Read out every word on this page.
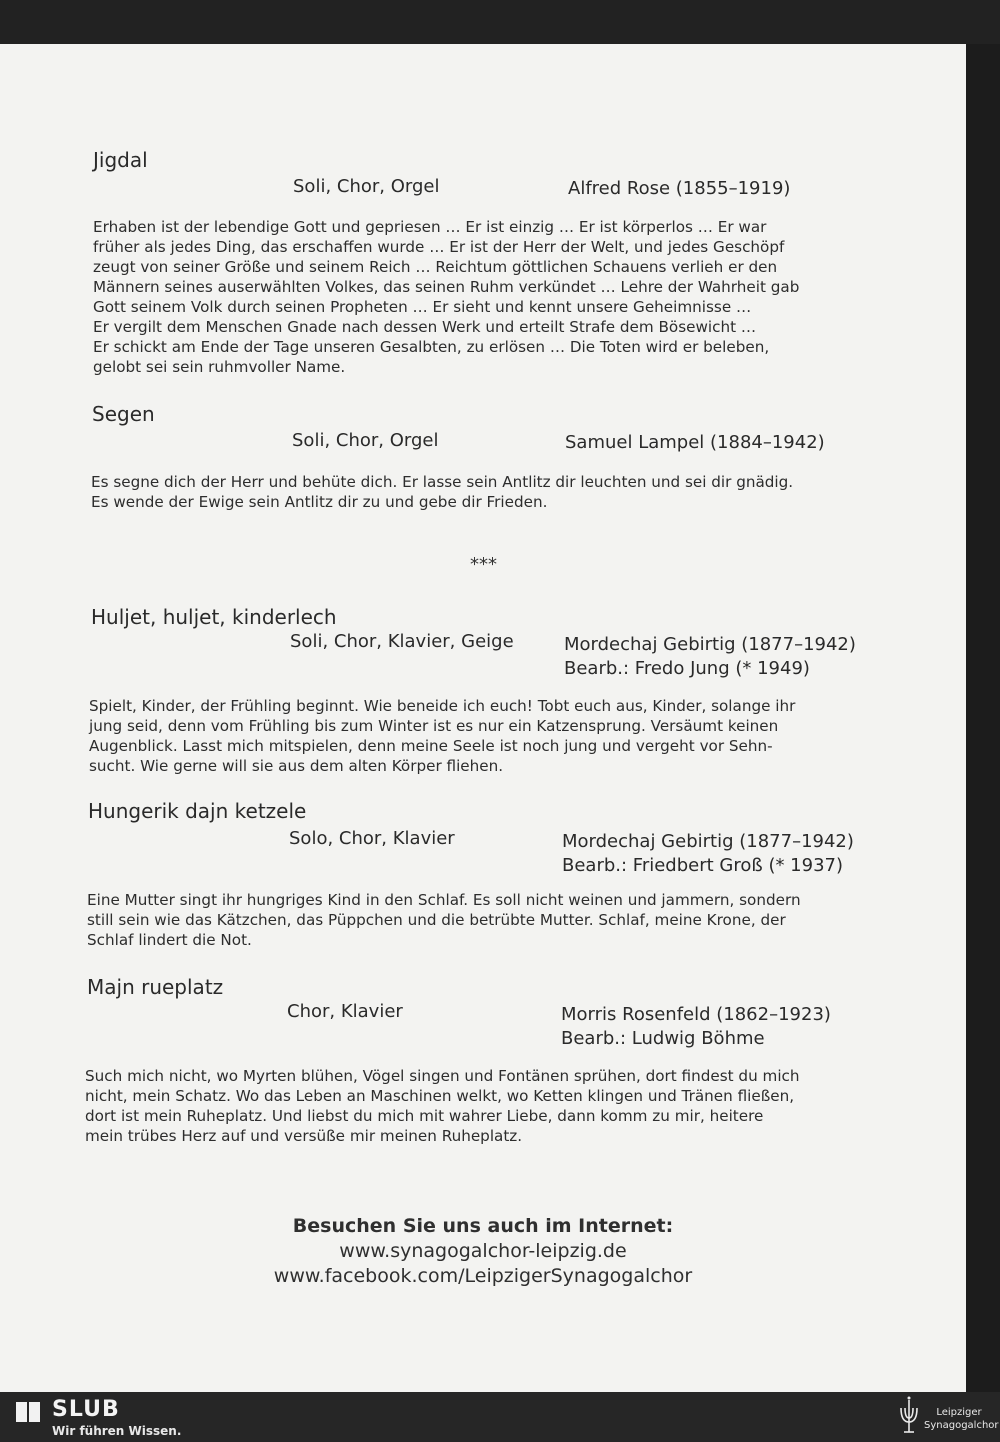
Jigdal
Soli, Chor, Orgel	Alfred Rose (1855–1919)
Erhaben ist der lebendige Gott und gepriesen … Er ist einzig … Er ist körperlos … Er war
früher als jedes Ding, das erschaffen wurde … Er ist der Herr der Welt, und jedes Geschöpf
zeugt von seiner Größe und seinem Reich … Reichtum göttlichen Schauens verlieh er den
Männern seines auserwählten Volkes, das seinen Ruhm verkündet … Lehre der Wahrheit gab
Gott seinem Volk durch seinen Propheten … Er sieht und kennt unsere Geheimnisse …
Er vergilt dem Menschen Gnade nach dessen Werk und erteilt Strafe dem Bösewicht …
Er schickt am Ende der Tage unseren Gesalbten, zu erlösen … Die Toten wird er beleben,
gelobt sei sein ruhmvoller Name.
Segen
Soli, Chor, Orgel	Samuel Lampel (1884–1942)
Es segne dich der Herr und behüte dich. Er lasse sein Antlitz dir leuchten und sei dir gnädig.
Es wende der Ewige sein Antlitz dir zu und gebe dir Frieden.
***
Huljet, huljet, kinderlech
Soli, Chor, Klavier, Geige	Mordechaj Gebirtig (1877–1942)
Bearb.: Fredo Jung (* 1949)
Spielt, Kinder, der Frühling beginnt. Wie beneide ich euch! Tobt euch aus, Kinder, solange ihr
jung seid, denn vom Frühling bis zum Winter ist es nur ein Katzensprung. Versäumt keinen
Augenblick. Lasst mich mitspielen, denn meine Seele ist noch jung und vergeht vor Sehn-
sucht. Wie gerne will sie aus dem alten Körper fliehen.
Hungerik dajn ketzele
Solo, Chor, Klavier	Mordechaj Gebirtig (1877–1942)
Bearb.: Friedbert Groß (* 1937)
Eine Mutter singt ihr hungriges Kind in den Schlaf. Es soll nicht weinen und jammern, sondern
still sein wie das Kätzchen, das Püppchen und die betrübte Mutter. Schlaf, meine Krone, der
Schlaf lindert die Not.
Majn rueplatz
Chor, Klavier	Morris Rosenfeld (1862–1923)
Bearb.: Ludwig Böhme
Such mich nicht, wo Myrten blühen, Vögel singen und Fontänen sprühen, dort findest du mich
nicht, mein Schatz. Wo das Leben an Maschinen welkt, wo Ketten klingen und Tränen fließen,
dort ist mein Ruheplatz. Und liebst du mich mit wahrer Liebe, dann komm zu mir, heitere
mein trübes Herz auf und versüße mir meinen Ruheplatz.
Besuchen Sie uns auch im Internet:
www.synagogalchor-leipzig.de
www.facebook.com/LeipzigerSynagogalchor
SLUB
Wir führen Wissen.
Leipziger
Synagogalchor
